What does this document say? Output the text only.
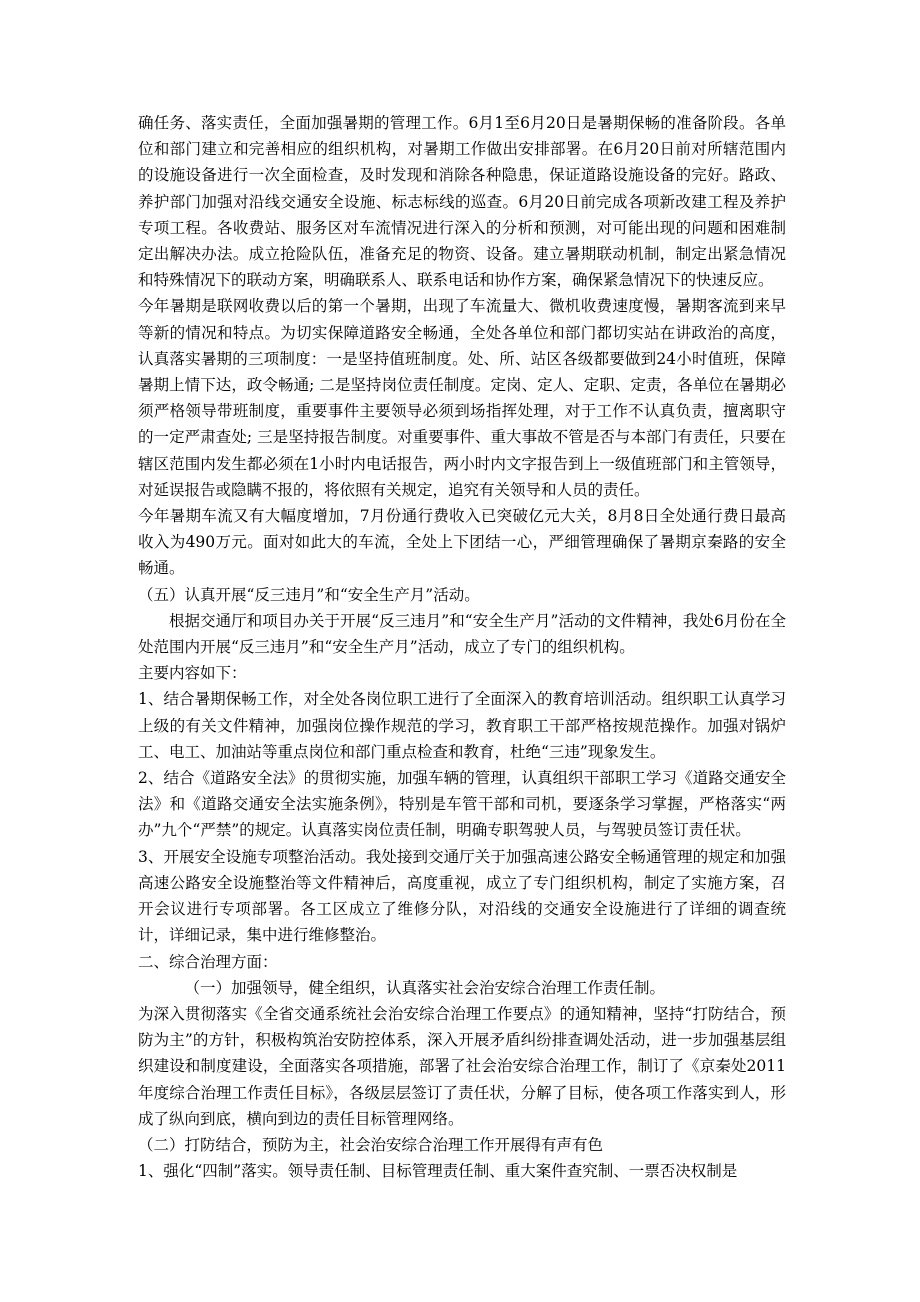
确任务、落实责任，全面加强暑期的管理工作。6月1至6月20日是暑期保畅的准备阶段。各单位和部门建立和完善相应的组织机构，对暑期工作做出安排部署。在6月20日前对所辖范围内的设施设备进行一次全面检查，及时发现和消除各种隐患，保证道路设施设备的完好。路政、养护部门加强对沿线交通安全设施、标志标线的巡查。6月20日前完成各项新改建工程及养护专项工程。各收费站、服务区对车流情况进行深入的分析和预测，对可能出现的问题和困难制定出解决办法。成立抢险队伍，准备充足的物资、设备。建立暑期联动机制，制定出紧急情况和特殊情况下的联动方案，明确联系人、联系电话和协作方案，确保紧急情况下的快速反应。

今年暑期是联网收费以后的第一个暑期，出现了车流量大、微机收费速度慢，暑期客流到来早等新的情况和特点。为切实保障道路安全畅通，全处各单位和部门都切实站在讲政治的高度，认真落实暑期的三项制度：一是坚持值班制度。处、所、站区各级都要做到24小时值班，保障暑期上情下达，政令畅通; 二是坚持岗位责任制度。定岗、定人、定职、定责，各单位在暑期必须严格领导带班制度，重要事件主要领导必须到场指挥处理，对于工作不认真负责，擅离职守的一定严肃查处; 三是坚持报告制度。对重要事件、重大事故不管是否与本部门有责任，只要在辖区范围内发生都必须在1小时内电话报告，两小时内文字报告到上一级值班部门和主管领导，对延误报告或隐瞒不报的，将依照有关规定，追究有关领导和人员的责任。

今年暑期车流又有大幅度增加，7月份通行费收入已突破亿元大关，8月8日全处通行费日最高收入为490万元。面对如此大的车流，全处上下团结一心，严细管理确保了暑期京秦路的安全畅通。

（五）认真开展“反三违月”和“安全生产月”活动。

根据交通厅和项目办关于开展“反三违月”和“安全生产月”活动的文件精神，我处6月份在全处范围内开展“反三违月”和“安全生产月”活动，成立了专门的组织机构。

主要内容如下：

1、结合暑期保畅工作，对全处各岗位职工进行了全面深入的教育培训活动。组织职工认真学习上级的有关文件精神，加强岗位操作规范的学习，教育职工干部严格按规范操作。加强对锅炉工、电工、加油站等重点岗位和部门重点检查和教育，杜绝“三违”现象发生。

2、结合《道路安全法》的贯彻实施，加强车辆的管理，认真组织干部职工学习《道路交通安全法》和《道路交通安全法实施条例》，特别是车管干部和司机，要逐条学习掌握，严格落实“两办”九个“严禁”的规定。认真落实岗位责任制，明确专职驾驶人员，与驾驶员签订责任状。

3、开展安全设施专项整治活动。我处接到交通厅关于加强高速公路安全畅通管理的规定和加强高速公路安全设施整治等文件精神后，高度重视，成立了专门组织机构，制定了实施方案，召开会议进行专项部署。各工区成立了维修分队，对沿线的交通安全设施进行了详细的调查统计，详细记录，集中进行维修整治。

二、综合治理方面：

（一）加强领导，健全组织，认真落实社会治安综合治理工作责任制。

为深入贯彻落实《全省交通系统社会治安综合治理工作要点》的通知精神，坚持“打防结合，预防为主”的方针，积极构筑治安防控体系，深入开展矛盾纠纷排查调处活动，进一步加强基层组织建设和制度建设，全面落实各项措施，部署了社会治安综合治理工作，制订了《京秦处2011年度综合治理工作责任目标》，各级层层签订了责任状，分解了目标，使各项工作落实到人，形成了纵向到底，横向到边的责任目标管理网络。

（二）打防结合，预防为主，社会治安综合治理工作开展得有声有色

1、强化“四制”落实。领导责任制、目标管理责任制、重大案件查究制、一票否决权制是
